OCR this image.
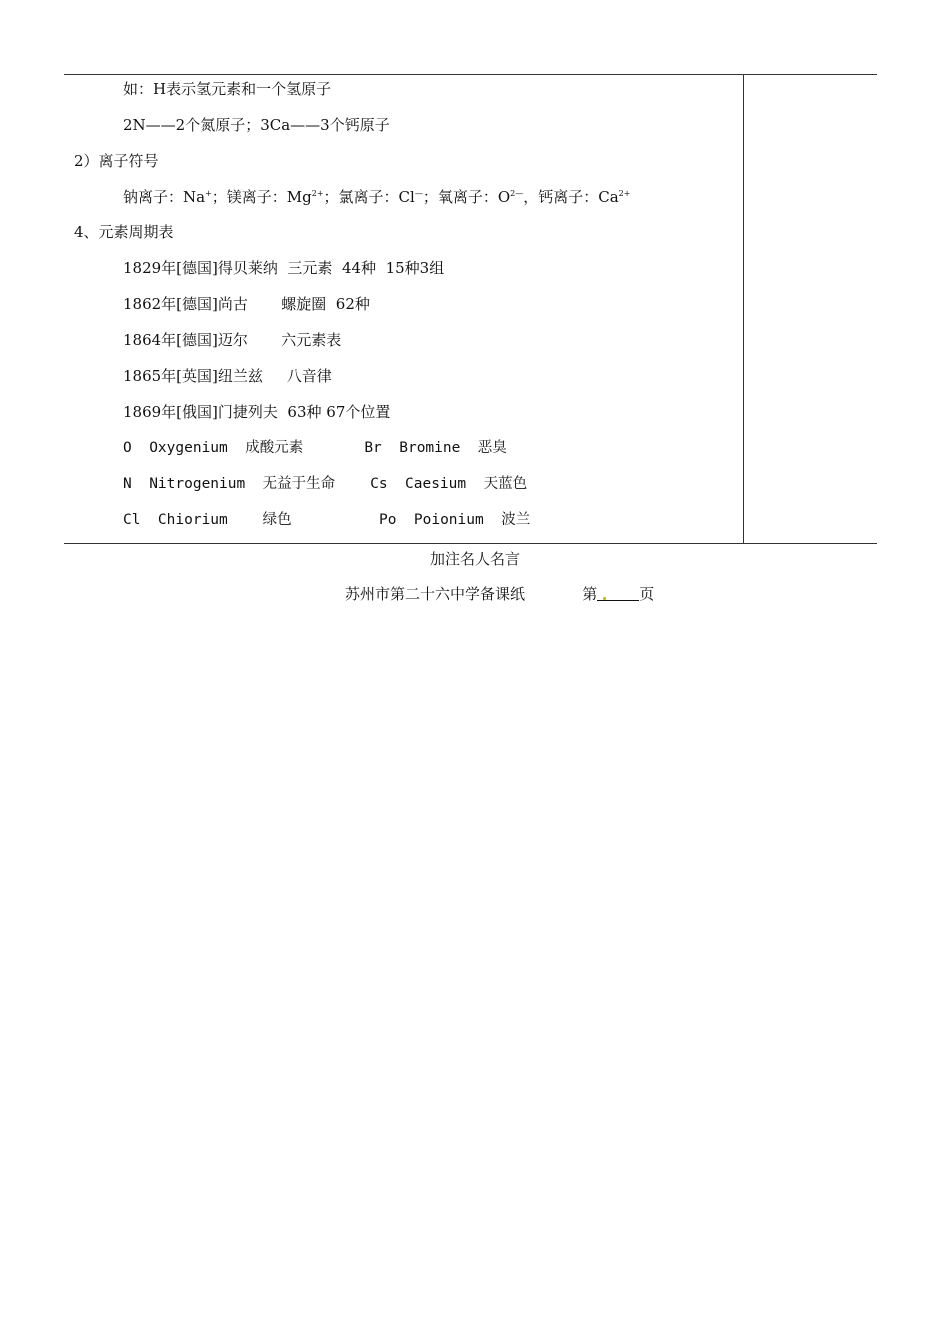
如：H表示氢元素和一个氢原子
2N——2个氮原子；3Ca——3个钙原子
2）离子符号
钠离子：Na+；镁离子：$Mg^{2+}$；氯离子：Cl—；氧离子：$O^{2—}$，钙离子：$Ca^{2+}$
4、元素周期表
1829年[德国]得贝莱纳  三元素  44种  15种3组
1862年[德国]尚古       螺旋圈  62种
1864年[德国]迈尔       六元素表
1865年[英国]纽兰兹     八音律
1869年[俄国]门捷列夫  63种 67个位置
O  Oxygenium  成酸元素       Br  Bromine  恶臭
N  Nitrogenium  无益于生命    Cs  Caesium  天蓝色
Cl  Chiorium    绿色          Po  Poionium  波兰
加注名人名言
苏州市第二十六中学备课纸	第	页
